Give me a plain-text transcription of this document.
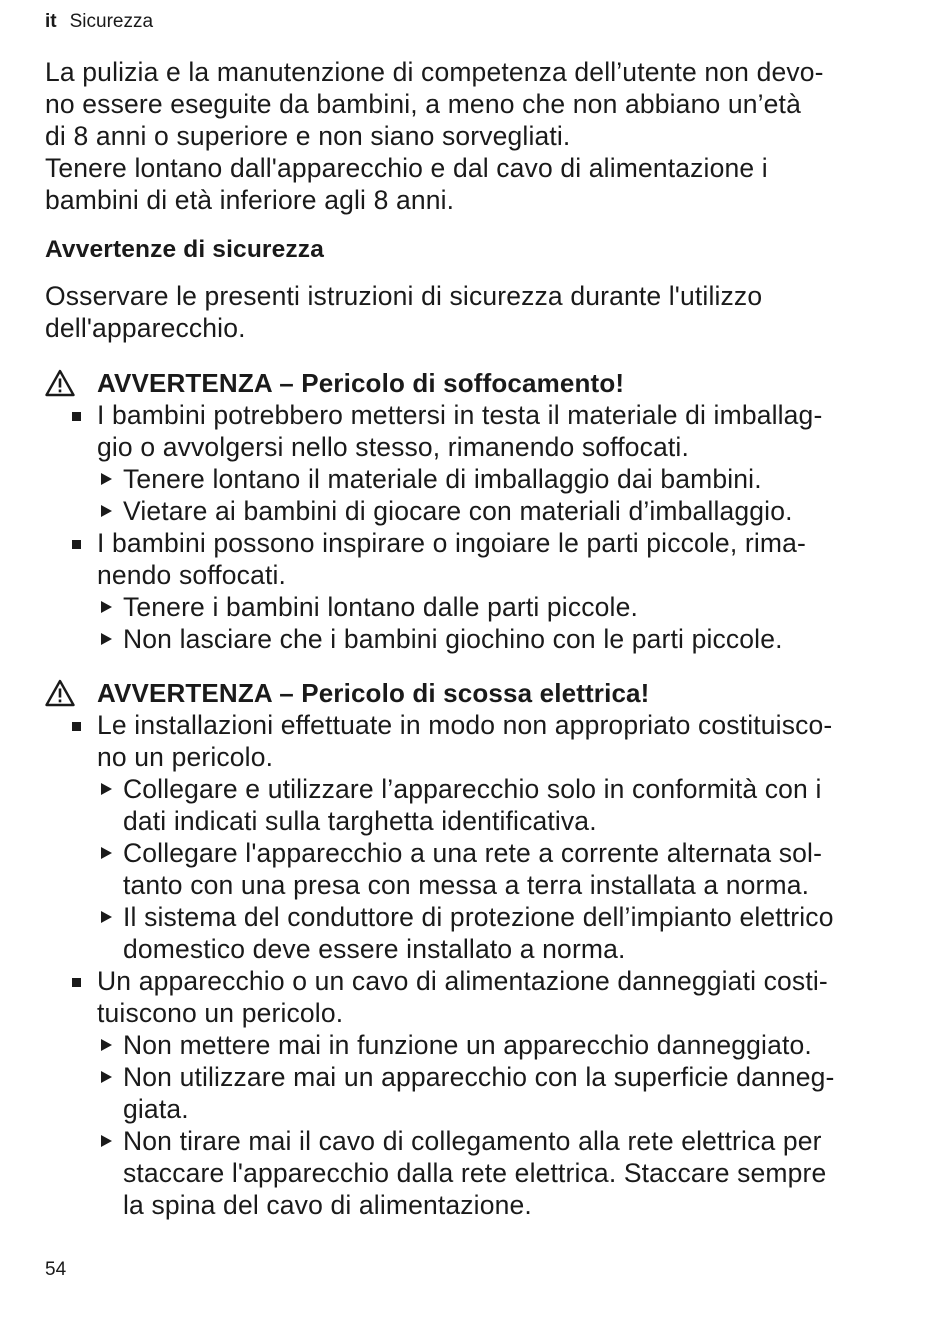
it Sicurezza
La pulizia e la manutenzione di competenza dell’utente non devo-
no essere eseguite da bambini, a meno che non abbiano un’età
di 8 anni o superiore e non siano sorvegliati.
Tenere lontano dall'apparecchio e dal cavo di alimentazione i
bambini di età inferiore agli 8 anni.
Avvertenze di sicurezza
Osservare le presenti istruzioni di sicurezza durante l'utilizzo
dell'apparecchio.
AVVERTENZA – Pericolo di soffocamento!
I bambini potrebbero mettersi in testa il materiale di imballag-
gio o avvolgersi nello stesso, rimanendo soffocati.
Tenere lontano il materiale di imballaggio dai bambini.
Vietare ai bambini di giocare con materiali d’imballaggio.
I bambini possono inspirare o ingoiare le parti piccole, rima-
nendo soffocati.
Tenere i bambini lontano dalle parti piccole.
Non lasciare che i bambini giochino con le parti piccole.
AVVERTENZA – Pericolo di scossa elettrica!
Le installazioni effettuate in modo non appropriato costituisco-
no un pericolo.
Collegare e utilizzare l’apparecchio solo in conformità con i
dati indicati sulla targhetta identificativa.
Collegare l'apparecchio a una rete a corrente alternata sol-
tanto con una presa con messa a terra installata a norma.
Il sistema del conduttore di protezione dell’impianto elettrico
domestico deve essere installato a norma.
Un apparecchio o un cavo di alimentazione danneggiati costi-
tuiscono un pericolo.
Non mettere mai in funzione un apparecchio danneggiato.
Non utilizzare mai un apparecchio con la superficie danneg-
giata.
Non tirare mai il cavo di collegamento alla rete elettrica per
staccare l'apparecchio dalla rete elettrica. Staccare sempre
la spina del cavo di alimentazione.
54
